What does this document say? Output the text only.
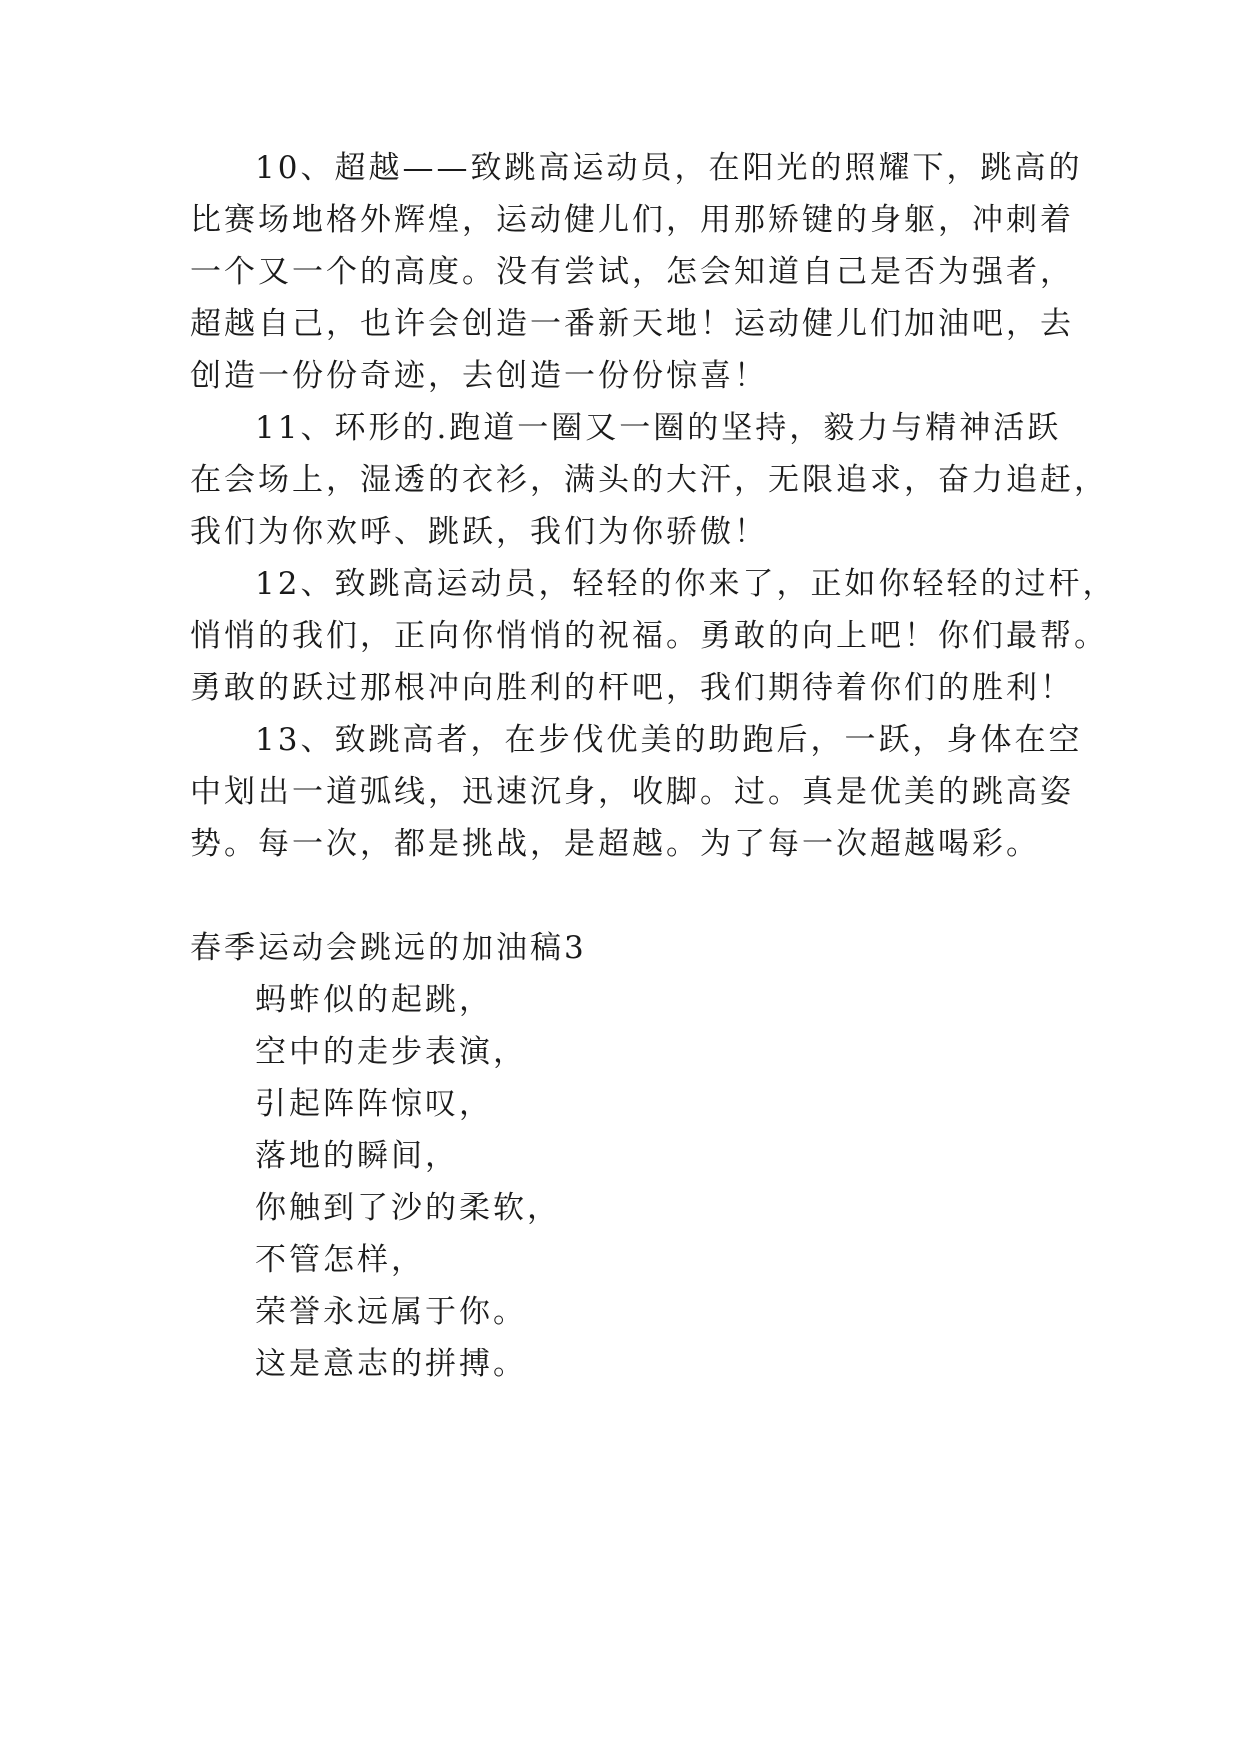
10、超越——致跳高运动员，在阳光的照耀下，跳高的
比赛场地格外辉煌，运动健儿们，用那矫键的身躯，冲刺着
一个又一个的高度。没有尝试，怎会知道自己是否为强者，
超越自己，也许会创造一番新天地！运动健儿们加油吧，去
创造一份份奇迹，去创造一份份惊喜！
11、环形的.跑道一圈又一圈的坚持，毅力与精神活跃
在会场上，湿透的衣衫，满头的大汗，无限追求，奋力追赶，
我们为你欢呼、跳跃，我们为你骄傲！
12、致跳高运动员，轻轻的你来了，正如你轻轻的过杆，
悄悄的我们，正向你悄悄的祝福。勇敢的向上吧！你们最帮。
勇敢的跃过那根冲向胜利的杆吧，我们期待着你们的胜利！
13、致跳高者，在步伐优美的助跑后，一跃，身体在空
中划出一道弧线，迅速沉身，收脚。过。真是优美的跳高姿
势。每一次，都是挑战，是超越。为了每一次超越喝彩。
春季运动会跳远的加油稿3
蚂蚱似的起跳，
空中的走步表演，
引起阵阵惊叹，
落地的瞬间，
你触到了沙的柔软，
不管怎样，
荣誉永远属于你。
这是意志的拼搏。
